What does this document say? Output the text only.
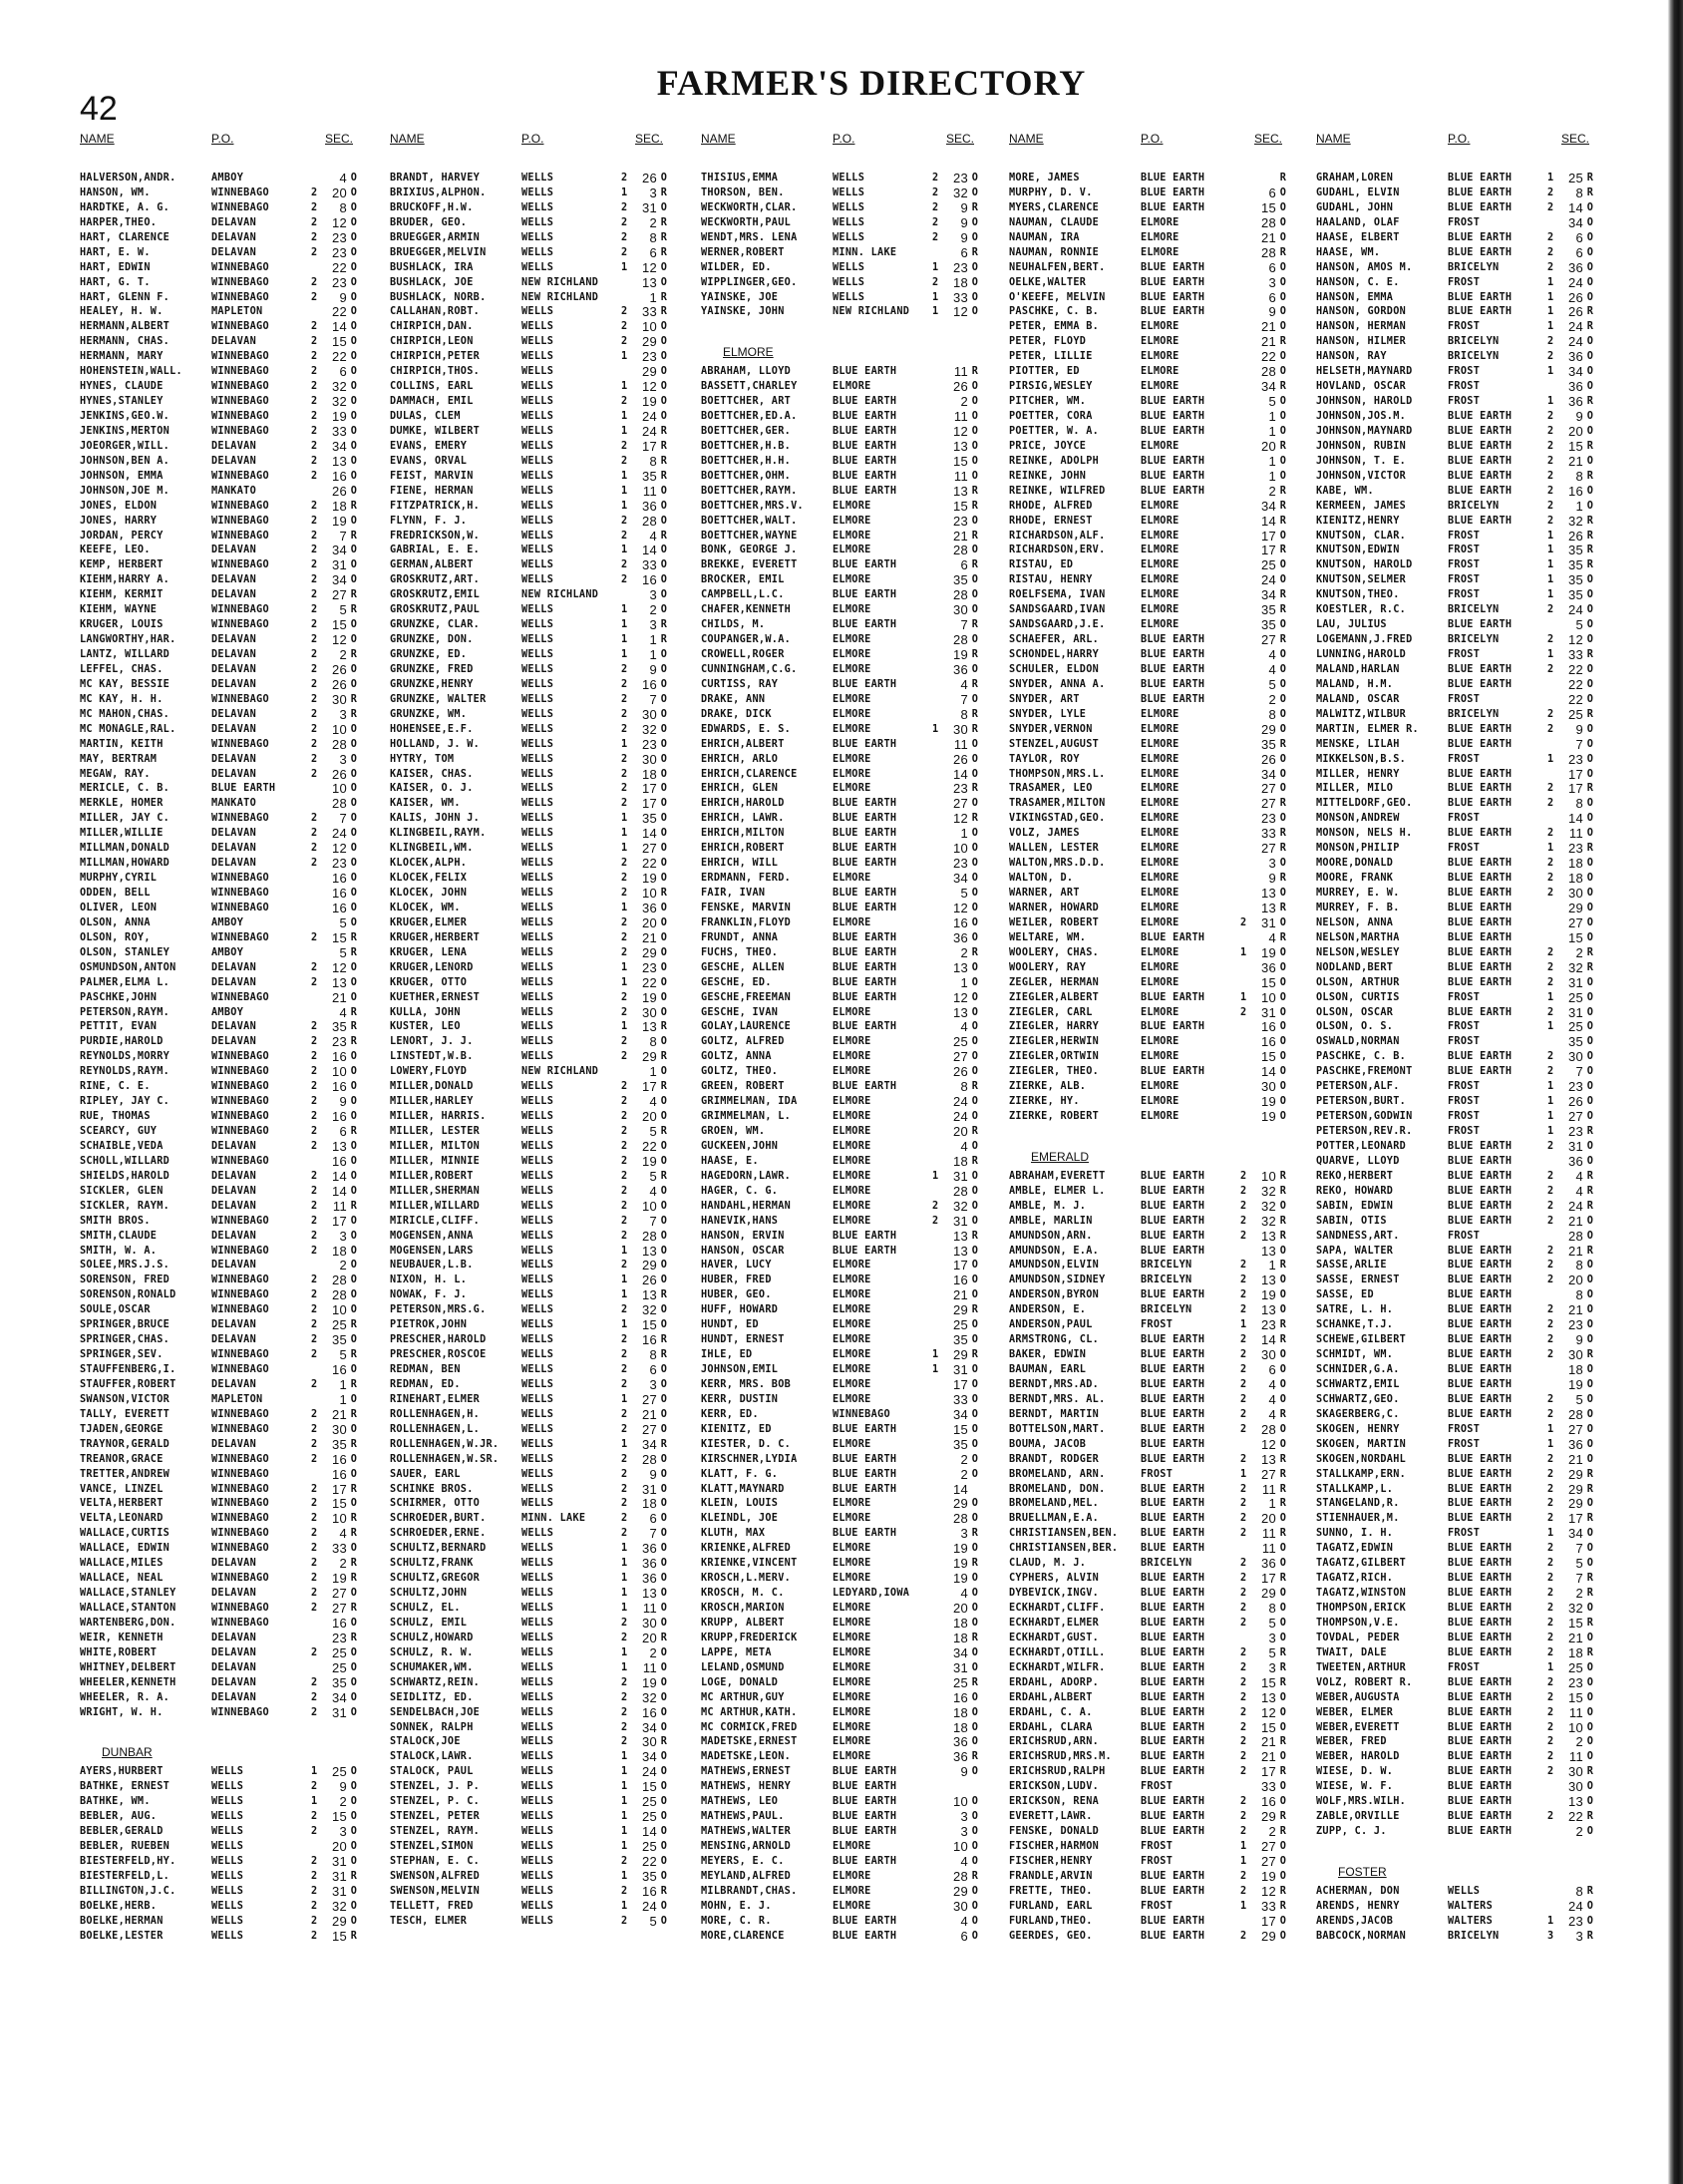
42
FARMER'S DIRECTORY
NAME	P.O.	SEC.
HALVERSON,ANDR.	AMBOY	4 O
HANSON, WM.	WINNEBAGO	2	20 O
HARDTKE, A. G.	WINNEBAGO	2	8 O
HARPER,THEO.	DELAVAN	2	12 O
HART, CLARENCE	DELAVAN	2	23 O
HART, E. W.	DELAVAN	2	23 O
HART, EDWIN	WINNEBAGO	22 O
HART, G. T.	WINNEBAGO	2	23 O
HART, GLENN F.	WINNEBAGO	2	9 O
HEALEY, H. W.	MAPLETON	22 O
HERMANN,ALBERT	WINNEBAGO	2	14 O
HERMANN, CHAS.	DELAVAN	2	15 O
HERMANN, MARY	WINNEBAGO	2	22 O
HOHENSTEIN,WALL.	WINNEBAGO	2	6 O
HYNES, CLAUDE	WINNEBAGO	2	32 O
HYNES,STANLEY	WINNEBAGO	2	32 O
JENKINS,GEO.W.	WINNEBAGO	2	19 O
JENKINS,MERTON	WINNEBAGO	2	33 O
JOEORGER,WILL.	DELAVAN	2	34 O
JOHNSON,BEN A.	DELAVAN	2	13 O
JOHNSON, EMMA	WINNEBAGO	2	16 O
JOHNSON,JOE M.	MANKATO	26 O
JONES, ELDON	WINNEBAGO	2	18 R
JONES, HARRY	WINNEBAGO	2	19 O
JORDAN, PERCY	WINNEBAGO	2	7 R
KEEFE, LEO.	DELAVAN	2	34 O
KEMP, HERBERT	WINNEBAGO	2	31 O
KIEHM,HARRY A.	DELAVAN	2	34 O
KIEHM, KERMIT	DELAVAN	2	27 R
KIEHM, WAYNE	WINNEBAGO	2	5 R
KRUGER, LOUIS	WINNEBAGO	2	15 O
LANGWORTHY,HAR.	DELAVAN	2	12 O
LANTZ, WILLARD	DELAVAN	2	2 R
LEFFEL, CHAS.	DELAVAN	2	26 O
MC KAY, BESSIE	DELAVAN	2	26 O
MC KAY, H. H.	WINNEBAGO	2	30 R
MC MAHON,CHAS.	DELAVAN	2	3 R
MC MONAGLE,RAL.	DELAVAN	2	10 O
MARTIN, KEITH	WINNEBAGO	2	28 O
MAY, BERTRAM	DELAVAN	2	3 O
MEGAW, RAY.	DELAVAN	2	26 O
MERICLE, C. B.	BLUE EARTH	10 O
MERKLE, HOMER	MANKATO	28 O
MILLER, JAY C.	WINNEBAGO	2	7 O
MILLER,WILLIE	DELAVAN	2	24 O
MILLMAN,DONALD	DELAVAN	2	12 O
MILLMAN,HOWARD	DELAVAN	2	23 O
MURPHY,CYRIL	WINNEBAGO	16 O
ODDEN, BELL	WINNEBAGO	16 O
OLIVER, LEON	WINNEBAGO	16 O
OLSON, ANNA	AMBOY	5 O
OLSON, ROY,	WINNEBAGO	2	15 R
OLSON, STANLEY	AMBOY	5 R
OSMUNDSON,ANTON	DELAVAN	2	12 O
PALMER,ELMA L.	DELAVAN	2	13 O
PASCHKE,JOHN	WINNEBAGO	21 O
PETERSON,RAYM.	AMBOY	4 R
PETTIT, EVAN	DELAVAN	2	35 R
PURDIE,HAROLD	DELAVAN	2	23 R
REYNOLDS,MORRY	WINNEBAGO	2	16 O
REYNOLDS,RAYM.	WINNEBAGO	2	10 O
RINE, C. E.	WINNEBAGO	2	16 O
RIPLEY, JAY C.	WINNEBAGO	2	9 O
RUE, THOMAS	WINNEBAGO	2	16 O
SCEARCY, GUY	WINNEBAGO	2	6 R
SCHAIBLE,VEDA	DELAVAN	2	13 O
SCHOLL,WILLARD	WINNEBAGO	16 O
SHIELDS,HAROLD	DELAVAN	2	14 O
SICKLER, GLEN	DELAVAN	2	14 O
SICKLER, RAYM.	DELAVAN	2	11 R
SMITH BROS.	WINNEBAGO	2	17 O
SMITH,CLAUDE	DELAVAN	2	3 O
SMITH, W. A.	WINNEBAGO	2	18 O
SOLEE,MRS.J.S.	DELAVAN	2 O
SORENSON, FRED	WINNEBAGO	2	28 O
SORENSON,RONALD	WINNEBAGO	2	28 O
SOULE,OSCAR	WINNEBAGO	2	10 O
SPRINGER,BRUCE	DELAVAN	2	25 R
SPRINGER,CHAS.	DELAVAN	2	35 O
SPRINGER,SEV.	WINNEBAGO	2	5 R
STAUFFENBERG,I.	WINNEBAGO	16 O
STAUFFER,ROBERT	DELAVAN	2	1 R
SWANSON,VICTOR	MAPLETON	1 O
TALLY, EVERETT	WINNEBAGO	2	21 R
TJADEN,GEORGE	WINNEBAGO	2	30 O
TRAYNOR,GERALD	DELAVAN	2	35 R
TREANOR,GRACE	WINNEBAGO	2	16 O
TRETTER,ANDREW	WINNEBAGO	16 O
VANCE, LINZEL	WINNEBAGO	2	17 R
VELTA,HERBERT	WINNEBAGO	2	15 O
VELTA,LEONARD	WINNEBAGO	2	10 R
WALLACE,CURTIS	WINNEBAGO	2	4 R
WALLACE, EDWIN	WINNEBAGO	2	33 O
WALLACE,MILES	DELAVAN	2	2 R
WALLACE, NEAL	WINNEBAGO	2	19 R
WALLACE,STANLEY	DELAVAN	2	27 O
WALLACE,STANTON	WINNEBAGO	2	27 R
WARTENBERG,DON.	WINNEBAGO	16 O
WEIR, KENNETH	DELAVAN	23 R
WHITE,ROBERT	DELAVAN	2	25 O
WHITNEY,DELBERT	DELAVAN	25 O
WHEELER,KENNETH	DELAVAN	2	35 O
WHEELER, R. A.	DELAVAN	2	34 O
WRIGHT, W. H.	WINNEBAGO	2	31 O
DUNBAR
AYERS,HURBERT	WELLS	1	25 O
BATHKE, ERNEST	WELLS	2	9 O
BATHKE, WM.	WELLS	1	2 O
BEBLER, AUG.	WELLS	2	15 O
BEBLER,GERALD	WELLS	2	3 O
BEBLER, RUEBEN	WELLS	20 O
BIESTERFELD,HY.	WELLS	2	31 O
BIESTERFELD,L.	WELLS	2	31 R
BILLINGTON,J.C.	WELLS	2	31 O
BOELKE,HERB.	WELLS	2	32 O
BOELKE,HERMAN	WELLS	2	29 O
BOELKE,LESTER	WELLS	2	15 R
NAME	P.O.	SEC.
BRANDT, HARVEY	WELLS	2	26 O
BRIXIUS,ALPHON.	WELLS	1	3 R
BRUCKOFF,H.W.	WELLS	2	31 O
BRUDER, GEO.	WELLS	2	2 R
BRUEGGER,ARMIN	WELLS	2	8 R
BRUEGGER,MELVIN	WELLS	2	6 R
BUSHLACK, IRA	WELLS	1	12 O
BUSHLACK, JOE	NEW RICHLAND	13 O
BUSHLACK, NORB.	NEW RICHLAND	1 R
CALLAHAN,ROBT.	WELLS	2	33 R
CHIRPICH,DAN.	WELLS	2	10 O
CHIRPICH,LEON	WELLS	2	29 O
CHIRPICH,PETER	WELLS	1	23 O
CHIRPICH,THOS.	WELLS	29 O
COLLINS, EARL	WELLS	1	12 O
DAMMACH, EMIL	WELLS	2	19 O
DULAS, CLEM	WELLS	1	24 O
DUMKE, WILBERT	WELLS	1	24 R
EVANS, EMERY	WELLS	2	17 R
EVANS, ORVAL	WELLS	2	8 R
FEIST, MARVIN	WELLS	1	35 R
FIENE, HERMAN	WELLS	1	11 O
FITZPATRICK,H.	WELLS	1	36 O
FLYNN, F. J.	WELLS	2	28 O
FREDRICKSON,W.	WELLS	2	4 R
GABRIAL, E. E.	WELLS	1	14 O
GERMAN,ALBERT	WELLS	2	33 O
GROSKRUTZ,ART.	WELLS	2	16 O
GROSKRUTZ,EMIL	NEW RICHLAND	3 O
GROSKRUTZ,PAUL	WELLS	1	2 O
GRUNZKE, CLAR.	WELLS	1	3 R
GRUNZKE, DON.	WELLS	1	1 R
GRUNZKE, ED.	WELLS	1	1 O
GRUNZKE, FRED	WELLS	2	9 O
GRUNZKE,HENRY	WELLS	2	16 O
GRUNZKE, WALTER	WELLS	2	7 O
GRUNZKE, WM.	WELLS	2	30 O
HOHENSEE,E.F.	WELLS	2	32 O
HOLLAND, J. W.	WELLS	1	23 O
HYTRY, TOM	WELLS	2	30 O
KAISER, CHAS.	WELLS	2	18 O
KAISER, O. J.	WELLS	2	17 O
KAISER, WM.	WELLS	2	17 O
KALIS, JOHN J.	WELLS	1	35 O
KLINGBEIL,RAYM.	WELLS	1	14 O
KLINGBEIL,WM.	WELLS	1	27 O
KLOCEK,ALPH.	WELLS	2	22 O
KLOCEK,FELIX	WELLS	2	19 O
KLOCEK, JOHN	WELLS	2	10 R
KLOCEK, WM.	WELLS	1	36 O
KRUGER,ELMER	WELLS	2	20 O
KRUGER,HERBERT	WELLS	2	21 O
KRUGER, LENA	WELLS	2	29 O
KRUGER,LENORD	WELLS	1	23 O
KRUGER, OTTO	WELLS	1	22 O
KUETHER,ERNEST	WELLS	2	19 O
KULLA, JOHN	WELLS	2	30 O
KUSTER, LEO	WELLS	1	13 R
LENORT, J. J.	WELLS	2	8 O
LINSTEDT,W.B.	WELLS	2	29 R
LOWERY,FLOYD	NEW RICHLAND	1 O
MILLER,DONALD	WELLS	2	17 R
MILLER,HARLEY	WELLS	2	4 O
MILLER, HARRIS.	WELLS	2	20 O
MILLER, LESTER	WELLS	2	5 R
MILLER, MILTON	WELLS	2	22 O
MILLER, MINNIE	WELLS	2	19 O
MILLER,ROBERT	WELLS	2	5 R
MILLER,SHERMAN	WELLS	2	4 O
MILLER,WILLARD	WELLS	2	10 O
MIRICLE,CLIFF.	WELLS	2	7 O
MOGENSEN,ANNA	WELLS	2	28 O
MOGENSEN,LARS	WELLS	1	13 O
NEUBAUER,L.B.	WELLS	2	29 O
NIXON, H. L.	WELLS	1	26 O
NOWAK, F. J.	WELLS	1	13 R
PETERSON,MRS.G.	WELLS	2	32 O
PIETROK,JOHN	WELLS	1	15 O
PRESCHER,HAROLD	WELLS	2	16 R
PRESCHER,ROSCOE	WELLS	2	8 R
REDMAN, BEN	WELLS	2	6 O
REDMAN, ED.	WELLS	2	3 O
RINEHART,ELMER	WELLS	1	27 O
ROLLENHAGEN,H.	WELLS	2	21 O
ROLLENHAGEN,L.	WELLS	2	27 O
ROLLENHAGEN,W.JR.	WELLS	1	34 R
ROLLENHAGEN,W.SR.	WELLS	2	28 O
SAUER, EARL	WELLS	2	9 O
SCHINKE BROS.	WELLS	2	31 O
SCHIRMER, OTTO	WELLS	2	18 O
SCHROEDER,BURT.	MINN. LAKE	2	6 O
SCHROEDER,ERNE.	WELLS	2	7 O
SCHULTZ,BERNARD	WELLS	1	36 O
SCHULTZ,FRANK	WELLS	1	36 O
SCHULTZ,GREGOR	WELLS	1	36 O
SCHULTZ,JOHN	WELLS	1	13 O
SCHULZ, EL.	WELLS	1	11 O
SCHULZ, EMIL	WELLS	2	30 O
SCHULZ,HOWARD	WELLS	2	20 R
SCHULZ, R. W.	WELLS	1	2 O
SCHUMAKER,WM.	WELLS	1	11 O
SCHWARTZ,REIN.	WELLS	2	19 O
SEIDLITZ, ED.	WELLS	2	32 O
SENDELBACH,JOE	WELLS	2	16 O
SONNEK, RALPH	WELLS	2	34 O
STALOCK,JOE	WELLS	2	30 R
STALOCK,LAWR.	WELLS	1	34 O
STALOCK, PAUL	WELLS	1	24 O
STENZEL, J. P.	WELLS	1	15 O
STENZEL, P. C.	WELLS	1	25 O
STENZEL, PETER	WELLS	1	25 O
STENZEL, RAYM.	WELLS	1	14 O
STENZEL,SIMON	WELLS	1	25 O
STEPHAN, E. C.	WELLS	2	22 O
SWENSON,ALFRED	WELLS	1	35 O
SWENSON,MELVIN	WELLS	2	16 R
TELLETT, FRED	WELLS	1	24 O
TESCH, ELMER	WELLS	2	5 O
NAME	P.O.	SEC.
THISIUS,EMMA	WELLS	2	23 O
THORSON, BEN.	WELLS	2	32 O
WECKWORTH,CLAR.	WELLS	2	9 R
WECKWORTH,PAUL	WELLS	2	9 O
WENDT,MRS. LENA	WELLS	2	9 O
WERNER,ROBERT	MINN. LAKE	6 R
WILDER, ED.	WELLS	1	23 O
WIPPLINGER,GEO.	WELLS	2	18 O
YAINSKE, JOE	WELLS	1	33 O
YAINSKE, JOHN	NEW RICHLAND	1	12 O
ELMORE
ABRAHAM, LLOYD	BLUE EARTH	11 R
BASSETT,CHARLEY	ELMORE	26 O
BOETTCHER, ART	BLUE EARTH	2 O
BOETTCHER,ED.A.	BLUE EARTH	11 O
BOETTCHER,GER.	BLUE EARTH	12 O
BOETTCHER,H.B.	BLUE EARTH	13 O
BOETTCHER,H.H.	BLUE EARTH	15 O
BOETTCHER,OHM.	BLUE EARTH	11 O
BOETTCHER,RAYM.	BLUE EARTH	13 R
BOETTCHER,MRS.V.	ELMORE	15 R
BOETTCHER,WALT.	ELMORE	23 O
BOETTCHER,WAYNE	ELMORE	21 R
BONK, GEORGE J.	ELMORE	28 O
BREKKE, EVERETT	BLUE EARTH	6 R
BROCKER, EMIL	ELMORE	35 O
CAMPBELL,L.C.	BLUE EARTH	28 O
CHAFER,KENNETH	ELMORE	30 O
CHILDS, M.	BLUE EARTH	7 R
COUPANGER,W.A.	ELMORE	28 O
CROWELL,ROGER	ELMORE	19 R
CUNNINGHAM,C.G.	ELMORE	36 O
CURTISS, RAY	BLUE EARTH	4 R
DRAKE, ANN	ELMORE	7 O
DRAKE, DICK	ELMORE	8 R
EDWARDS, E. S.	ELMORE	1	30 R
EHRICH,ALBERT	BLUE EARTH	11 O
EHRICH, ARLO	ELMORE	26 O
EHRICH,CLARENCE	ELMORE	14 O
EHRICH, GLEN	ELMORE	23 R
EHRICH,HAROLD	BLUE EARTH	27 O
EHRICH, LAWR.	BLUE EARTH	12 R
EHRICH,MILTON	BLUE EARTH	1 O
EHRICH,ROBERT	BLUE EARTH	10 O
EHRICH, WILL	BLUE EARTH	23 O
ERDMANN, FERD.	ELMORE	34 O
FAIR, IVAN	BLUE EARTH	5 O
FENSKE, MARVIN	BLUE EARTH	12 O
FRANKLIN,FLOYD	ELMORE	16 O
FRUNDT, ANNA	BLUE EARTH	36 O
FUCHS, THEO.	BLUE EARTH	2 R
GESCHE, ALLEN	BLUE EARTH	13 O
GESCHE, ED.	BLUE EARTH	1 O
GESCHE,FREEMAN	BLUE EARTH	12 O
GESCHE, IVAN	ELMORE	13 O
GOLAY,LAURENCE	BLUE EARTH	4 O
GOLTZ, ALFRED	ELMORE	25 O
GOLTZ, ANNA	ELMORE	27 O
GOLTZ, THEO.	ELMORE	26 O
GREEN, ROBERT	BLUE EARTH	8 R
GRIMMELMAN, IDA	ELMORE	24 O
GRIMMELMAN, L.	ELMORE	24 O
GROEN, WM.	ELMORE	20 R
GUCKEEN,JOHN	ELMORE	4 O
HAASE, E.	ELMORE	18 R
HAGEDORN,LAWR.	ELMORE	1	31 O
HAGER, C. G.	ELMORE	28 O
HANDAHL,HERMAN	ELMORE	2	32 O
HANEVIK,HANS	ELMORE	2	31 O
HANSON, ERVIN	BLUE EARTH	13 R
HANSON, OSCAR	BLUE EARTH	13 O
HAVER, LUCY	ELMORE	17 O
HUBER, FRED	ELMORE	16 O
HUBER, GEO.	ELMORE	21 O
HUFF, HOWARD	ELMORE	29 R
HUNDT, ED	ELMORE	25 O
HUNDT, ERNEST	ELMORE	35 O
IHLE, ED	ELMORE	1	29 R
JOHNSON,EMIL	ELMORE	1	31 O
KERR, MRS. BOB	ELMORE	17 O
KERR, DUSTIN	ELMORE	33 O
KERR, ED.	WINNEBAGO	34 O
KIENITZ, ED	BLUE EARTH	15 O
KIESTER, D. C.	ELMORE	35 O
KIRSCHNER,LYDIA	BLUE EARTH	2 O
KLATT, F. G.	BLUE EARTH	2 O
KLATT,MAYNARD	BLUE EARTH	14
KLEIN, LOUIS	ELMORE	29 O
KLEINDL, JOE	ELMORE	28 O
KLUTH, MAX	BLUE EARTH	3 R
KRIENKE,ALFRED	ELMORE	19 O
KRIENKE,VINCENT	ELMORE	19 R
KROSCH,L.MERV.	ELMORE	19 O
KROSCH, M. C.	LEDYARD,IOWA	4 O
KROSCH,MARION	ELMORE	20 O
KRUPP, ALBERT	ELMORE	18 O
KRUPP,FREDERICK	ELMORE	18 R
LAPPE, META	ELMORE	34 O
LELAND,OSMUND	ELMORE	31 O
LOGE, DONALD	ELMORE	25 R
MC ARTHUR,GUY	ELMORE	16 O
MC ARTHUR,KATH.	ELMORE	18 O
MC CORMICK,FRED	ELMORE	18 O
MADETSKE,ERNEST	ELMORE	36 O
MADETSKE,LEON.	ELMORE	36 R
MATHEWS,ERNEST	BLUE EARTH	9 O
MATHEWS, HENRY	BLUE EARTH
MATHEWS, LEO	BLUE EARTH	10 O
MATHEWS,PAUL.	BLUE EARTH	3 O
MATHEWS,WALTER	BLUE EARTH	3 O
MENSING,ARNOLD	ELMORE	10 O
MEYERS, E. C.	BLUE EARTH	4 O
MEYLAND,ALFRED	ELMORE	28 R
MILBRANDT,CHAS.	ELMORE	29 O
MOHN, E. J.	ELMORE	30 O
MORE, C. R.	BLUE EARTH	4 O
MORE,CLARENCE	BLUE EARTH	6 O
NAME	P.O.	SEC.
MORE, JAMES	BLUE EARTH	R
MURPHY, D. V.	BLUE EARTH	6 O
MYERS,CLARENCE	BLUE EARTH	15 O
NAUMAN, CLAUDE	ELMORE	28 O
NAUMAN, IRA	ELMORE	21 O
NAUMAN, RONNIE	ELMORE	28 R
NEUHALFEN,BERT.	BLUE EARTH	6 O
OELKE,WALTER	BLUE EARTH	3 O
O'KEEFE, MELVIN	BLUE EARTH	6 O
PASCHKE, C. B.	BLUE EARTH	9 O
PETER, EMMA B.	ELMORE	21 O
PETER, FLOYD	ELMORE	21 R
PETER, LILLIE	ELMORE	22 O
PIOTTER, ED	ELMORE	28 O
PIRSIG,WESLEY	ELMORE	34 R
PITCHER, WM.	BLUE EARTH	5 O
POETTER, CORA	BLUE EARTH	1 O
POETTER, W. A.	BLUE EARTH	1 O
PRICE, JOYCE	ELMORE	20 R
REINKE, ADOLPH	BLUE EARTH	1 O
REINKE, JOHN	BLUE EARTH	1 O
REINKE, WILFRED	BLUE EARTH	2 R
RHODE, ALFRED	ELMORE	34 R
RHODE, ERNEST	ELMORE	14 R
RICHARDSON,ALF.	ELMORE	17 O
RICHARDSON,ERV.	ELMORE	17 R
RISTAU, ED	ELMORE	25 O
RISTAU, HENRY	ELMORE	24 O
ROELFSEMA, IVAN	ELMORE	34 R
SANDSGAARD,IVAN	ELMORE	35 R
SANDSGAARD,J.E.	ELMORE	35 O
SCHAEFER, ARL.	BLUE EARTH	27 R
SCHONDEL,HARRY	BLUE EARTH	4 O
SCHULER, ELDON	BLUE EARTH	4 O
SNYDER, ANNA A.	BLUE EARTH	5 O
SNYDER, ART	BLUE EARTH	2 O
SNYDER, LYLE	ELMORE	8 O
SNYDER,VERNON	ELMORE	29 O
STENZEL,AUGUST	ELMORE	35 R
TAYLOR, ROY	ELMORE	26 O
THOMPSON,MRS.L.	ELMORE	34 O
TRASAMER, LEO	ELMORE	27 O
TRASAMER,MILTON	ELMORE	27 R
VIKINGSTAD,GEO.	ELMORE	23 O
VOLZ, JAMES	ELMORE	33 R
WALLEN, LESTER	ELMORE	27 R
WALTON,MRS.D.D.	ELMORE	3 O
WALTON, D.	ELMORE	9 R
WARNER, ART	ELMORE	13 O
WARNER, HOWARD	ELMORE	13 R
WEILER, ROBERT	ELMORE	2	31 O
WELTARE, WM.	BLUE EARTH	4 R
WOOLERY, CHAS.	ELMORE	1	19 O
WOOLERY, RAY	ELMORE	36 O
ZEGLER, HERMAN	ELMORE	15 O
ZIEGLER,ALBERT	BLUE EARTH	1	10 O
ZIEGLER, CARL	ELMORE	2	31 O
ZIEGLER, HARRY	BLUE EARTH	16 O
ZIEGLER,HERWIN	ELMORE	16 O
ZIEGLER,ORTWIN	ELMORE	15 O
ZIEGLER, THEO.	BLUE EARTH	14 O
ZIERKE, ALB.	ELMORE	30 O
ZIERKE, HY.	ELMORE	19 O
ZIERKE, ROBERT	ELMORE	19 O
EMERALD
ABRAHAM,EVERETT	BLUE EARTH	2	10 R
AMBLE, ELMER L.	BLUE EARTH	2	32 R
AMBLE, M. J.	BLUE EARTH	2	32 O
AMBLE, MARLIN	BLUE EARTH	2	32 R
AMUNDSON,ARN.	BLUE EARTH	2	13 R
AMUNDSON, E.A.	BLUE EARTH	13 O
AMUNDSON,ELVIN	BRICELYN	2	1 R
AMUNDSON,SIDNEY	BRICELYN	2	13 O
ANDERSON,BYRON	BLUE EARTH	2	19 O
ANDERSON, E.	BRICELYN	2	13 O
ANDERSON,PAUL	FROST	1	23 R
ARMSTRONG, CL.	BLUE EARTH	2	14 R
BAKER, EDWIN	BLUE EARTH	2	30 O
BAUMAN, EARL	BLUE EARTH	2	6 O
BERNDT,MRS.AD.	BLUE EARTH	2	4 O
BERNDT,MRS. AL.	BLUE EARTH	2	4 O
BERNDT, MARTIN	BLUE EARTH	2	4 R
BOTTELSON,MART.	BLUE EARTH	2	28 O
BOUMA, JACOB	BLUE EARTH	12 O
BRANDT, RODGER	BLUE EARTH	2	13 R
BROMELAND, ARN.	FROST	1	27 R
BROMELAND, DON.	BLUE EARTH	2	11 R
BROMELAND,MEL.	BLUE EARTH	2	1 R
BRUELLMAN,E.A.	BLUE EARTH	2	20 O
CHRISTIANSEN,BEN.	BLUE EARTH	2	11 R
CHRISTIANSEN,BER.	BLUE EARTH	11 O
CLAUD, M. J.	BRICELYN	2	36 O
CYPHERS, ALVIN	BLUE EARTH	2	17 R
DYBEVICK,INGV.	BLUE EARTH	2	29 O
ECKHARDT,CLIFF.	BLUE EARTH	2	8 O
ECKHARDT,ELMER	BLUE EARTH	2	5 O
ECKHARDT,GUST.	BLUE EARTH	3 O
ECKHARDT,OTILL.	BLUE EARTH	2	5 R
ECKHARDT,WILFR.	BLUE EARTH	2	3 R
ERDAHL, ADORP.	BLUE EARTH	2	15 R
ERDAHL,ALBERT	BLUE EARTH	2	13 O
ERDAHL, C. A.	BLUE EARTH	2	12 O
ERDAHL, CLARA	BLUE EARTH	2	15 O
ERICHSRUD,ARN.	BLUE EARTH	2	21 R
ERICHSRUD,MRS.M.	BLUE EARTH	2	21 O
ERICHSRUD,RALPH	BLUE EARTH	2	17 R
ERICKSON,LUDV.	FROST	33 O
ERICKSON, RENA	BLUE EARTH	2	16 O
EVERETT,LAWR.	BLUE EARTH	2	29 R
FENSKE, DONALD	BLUE EARTH	2	2 R
FISCHER,HARMON	FROST	1	27 O
FISCHER,HENRY	FROST	1	27 O
FRANDLE,ARVIN	BLUE EARTH	2	19 O
FRETTE, THEO.	BLUE EARTH	2	12 R
FURLAND, EARL	FROST	1	33 R
FURLAND,THEO.	BLUE EARTH	17 O
GEERDES, GEO.	BLUE EARTH	2	29 O
NAME	P.O.	SEC.
GRAHAM,LOREN	BLUE EARTH	1	25 R
GUDAHL, ELVIN	BLUE EARTH	2	8 R
GUDAHL, JOHN	BLUE EARTH	2	14 O
HAALAND, OLAF	FROST	34 O
HAASE, ELBERT	BLUE EARTH	2	6 O
HAASE, WM.	BLUE EARTH	2	6 O
HANSON, AMOS M.	BRICELYN	2	36 O
HANSON, C. E.	FROST	1	24 O
HANSON, EMMA	BLUE EARTH	1	26 O
HANSON, GORDON	BLUE EARTH	1	26 R
HANSON, HERMAN	FROST	1	24 R
HANSON, HILMER	BRICELYN	2	24 O
HANSON, RAY	BRICELYN	2	36 O
HELSETH,MAYNARD	FROST	1	34 O
HOVLAND, OSCAR	FROST	36 O
JOHNSON, HAROLD	FROST	1	36 R
JOHNSON,JOS.M.	BLUE EARTH	2	9 O
JOHNSON,MAYNARD	BLUE EARTH	2	20 O
JOHNSON, RUBIN	BLUE EARTH	2	15 R
JOHNSON, T. E.	BLUE EARTH	2	21 O
JOHNSON,VICTOR	BLUE EARTH	2	8 R
KABE, WM.	BLUE EARTH	2	16 O
KERMEEN, JAMES	BRICELYN	2	1 O
KIENITZ,HENRY	BLUE EARTH	2	32 R
KNUTSON, CLAR.	FROST	1	26 R
KNUTSON,EDWIN	FROST	1	35 R
KNUTSON, HAROLD	FROST	1	35 R
KNUTSON,SELMER	FROST	1	35 O
KNUTSON,THEO.	FROST	1	35 O
KOESTLER, R.C.	BRICELYN	2	24 O
LAU, JULIUS	BLUE EARTH	5 O
LOGEMANN,J.FRED	BRICELYN	2	12 O
LUNNING,HAROLD	FROST	1	33 R
MALAND,HARLAN	BLUE EARTH	2	22 O
MALAND, H.M.	BLUE EARTH	22 O
MALAND, OSCAR	FROST	22 O
MALWITZ,WILBUR	BRICELYN	2	25 R
MARTIN, ELMER R.	BLUE EARTH	2	9 O
MENSKE, LILAH	BLUE EARTH	7 O
MIKKELSON,B.S.	FROST	1	23 O
MILLER, HENRY	BLUE EARTH	17 O
MILLER, MILO	BLUE EARTH	2	17 R
MITTELDORF,GEO.	BLUE EARTH	2	8 O
MONSON,ANDREW	FROST	14 O
MONSON, NELS H.	BLUE EARTH	2	11 O
MONSON,PHILIP	FROST	1	23 R
MOORE,DONALD	BLUE EARTH	2	18 O
MOORE, FRANK	BLUE EARTH	2	18 O
MURREY, E. W.	BLUE EARTH	2	30 O
MURREY, F. B.	BLUE EARTH	29 O
NELSON, ANNA	BLUE EARTH	27 O
NELSON,MARTHA	BLUE EARTH	15 O
NELSON,WESLEY	BLUE EARTH	2	2 R
NODLAND,BERT	BLUE EARTH	2	32 R
OLSON, ARTHUR	BLUE EARTH	2	31 O
OLSON, CURTIS	FROST	1	25 O
OLSON, OSCAR	BLUE EARTH	2	31 O
OLSON, O. S.	FROST	1	25 O
OSWALD,NORMAN	FROST	35 O
PASCHKE, C. B.	BLUE EARTH	2	30 O
PASCHKE,FREMONT	BLUE EARTH	2	7 O
PETERSON,ALF.	FROST	1	23 O
PETERSON,BURT.	FROST	1	26 O
PETERSON,GODWIN	FROST	1	27 O
PETERSON,REV.R.	FROST	1	23 R
POTTER,LEONARD	BLUE EARTH	2	31 O
QUARVE, LLOYD	BLUE EARTH	36 O
REKO,HERBERT	BLUE EARTH	2	4 R
REKO, HOWARD	BLUE EARTH	2	4 R
SABIN, EDWIN	BLUE EARTH	2	24 R
SABIN, OTIS	BLUE EARTH	2	21 O
SANDNESS,ART.	FROST	28 O
SAPA, WALTER	BLUE EARTH	2	21 R
SASSE,ARLIE	BLUE EARTH	2	8 O
SASSE, ERNEST	BLUE EARTH	2	20 O
SASSE, ED	BLUE EARTH	8 O
SATRE, L. H.	BLUE EARTH	2	21 O
SCHANKE,T.J.	BLUE EARTH	2	23 O
SCHEWE,GILBERT	BLUE EARTH	2	9 O
SCHMIDT, WM.	BLUE EARTH	2	30 R
SCHNIDER,G.A.	BLUE EARTH	18 O
SCHWARTZ,EMIL	BLUE EARTH	19 O
SCHWARTZ,GEO.	BLUE EARTH	2	5 O
SKAGERBERG,C.	BLUE EARTH	2	28 O
SKOGEN, HENRY	FROST	1	27 O
SKOGEN, MARTIN	FROST	1	36 O
SKOGEN,NORDAHL	BLUE EARTH	2	21 O
STALLKAMP,ERN.	BLUE EARTH	2	29 R
STALLKAMP,L.	BLUE EARTH	2	29 R
STANGELAND,R.	BLUE EARTH	2	29 O
STIENHAUER,M.	BLUE EARTH	2	17 R
SUNNO, I. H.	FROST	1	34 O
TAGATZ,EDWIN	BLUE EARTH	2	7 O
TAGATZ,GILBERT	BLUE EARTH	2	5 O
TAGATZ,RICH.	BLUE EARTH	2	7 R
TAGATZ,WINSTON	BLUE EARTH	2	2 R
THOMPSON,ERICK	BLUE EARTH	2	32 O
THOMPSON,V.E.	BLUE EARTH	2	15 R
TOVDAL, PEDER	BLUE EARTH	2	21 O
TWAIT, DALE	BLUE EARTH	2	18 R
TWEETEN,ARTHUR	FROST	1	25 O
VOLZ, ROBERT R.	BLUE EARTH	2	23 O
WEBER,AUGUSTA	BLUE EARTH	2	15 O
WEBER, ELMER	BLUE EARTH	2	11 O
WEBER,EVERETT	BLUE EARTH	2	10 O
WEBER, FRED	BLUE EARTH	2	2 O
WEBER, HAROLD	BLUE EARTH	2	11 O
WIESE, D. W.	BLUE EARTH	2	30 R
WIESE, W. F.	BLUE EARTH	30 O
WOLF,MRS.WILH.	BLUE EARTH	13 O
ZABLE,ORVILLE	BLUE EARTH	2	22 R
ZUPP, C. J.	BLUE EARTH	2 O
FOSTER
ACHERMAN, DON	WELLS	8 R
ARENDS, HENRY	WALTERS	24 O
ARENDS,JACOB	WALTERS	1	23 O
BABCOCK,NORMAN	BRICELYN	3	3 R
